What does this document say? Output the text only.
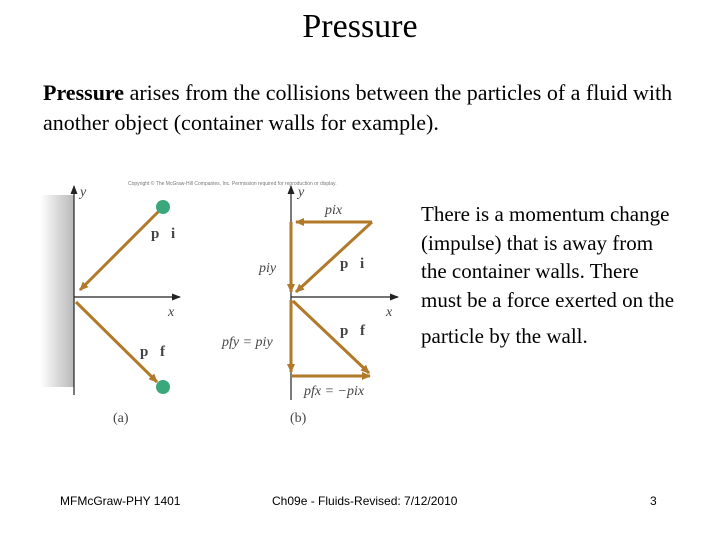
Pressure
Pressure arises from the collisions between the particles of a fluid with another object (container walls for example).
Copyright © The McGraw-Hill Companies, Inc. Permission required for reproduction or display.
y
x
p⃗i
p⃗f
(a)
y
x
pix
piy	p⃗i
p⃗f
pfy = piy
pfx = −pix
(b)
There is a momentum change (impulse) that is away from the container walls. There must be a force exerted on the
particle by the wall.
MFMcGraw-PHY 1401	Ch09e - Fluids-Revised: 7/12/2010	3
